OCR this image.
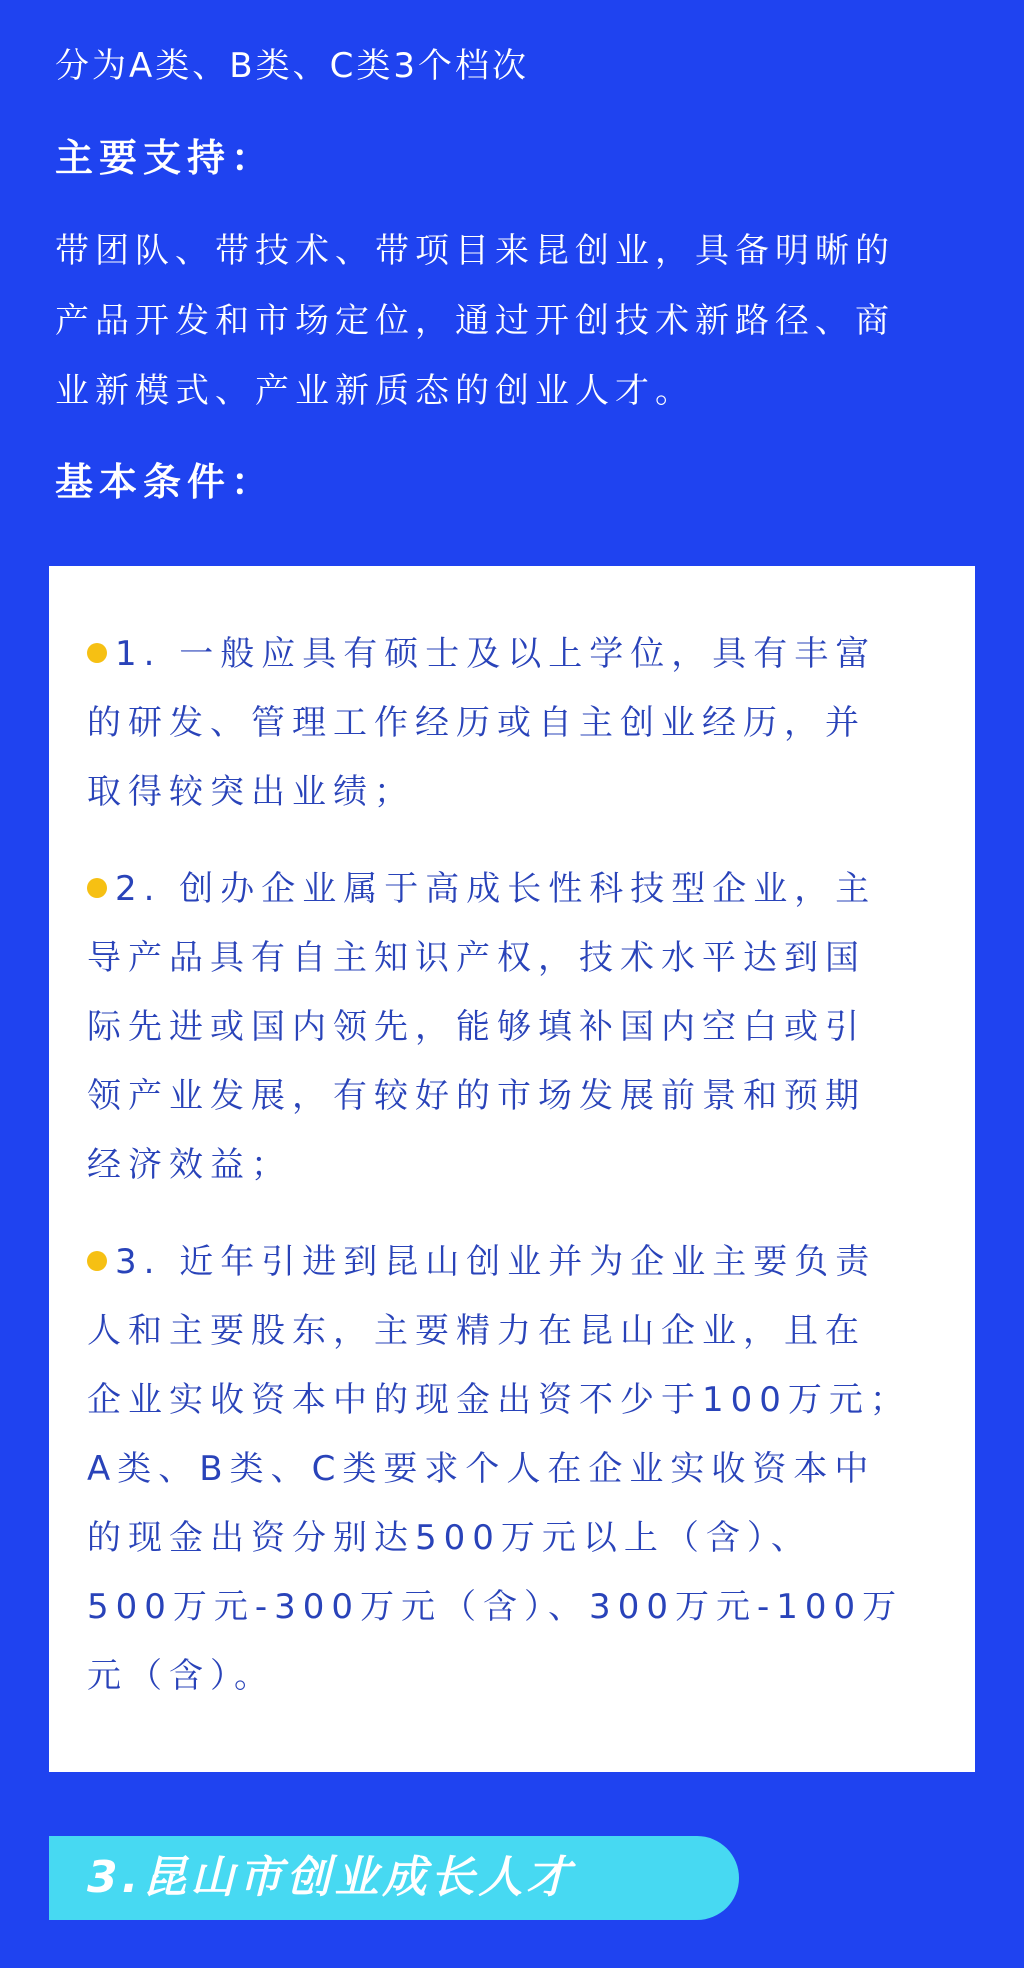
分为A类、B类、C类3个档次
主要支持：
带团队、带技术、带项目来昆创业，具备明晰的
产品开发和市场定位，通过开创技术新路径、商
业新模式、产业新质态的创业人才。
基本条件：
1. 一般应具有硕士及以上学位，具有丰富
的研发、管理工作经历或自主创业经历，并
取得较突出业绩；
2. 创办企业属于高成长性科技型企业，主
导产品具有自主知识产权，技术水平达到国
际先进或国内领先，能够填补国内空白或引
领产业发展，有较好的市场发展前景和预期
经济效益；
3. 近年引进到昆山创业并为企业主要负责
人和主要股东，主要精力在昆山企业，且在
企业实收资本中的现金出资不少于100万元；
A类、B类、C类要求个人在企业实收资本中
的现金出资分别达500万元以上（含）、
500万元-300万元（含）、300万元-100万
元（含）。
3.昆山市创业成长人才
